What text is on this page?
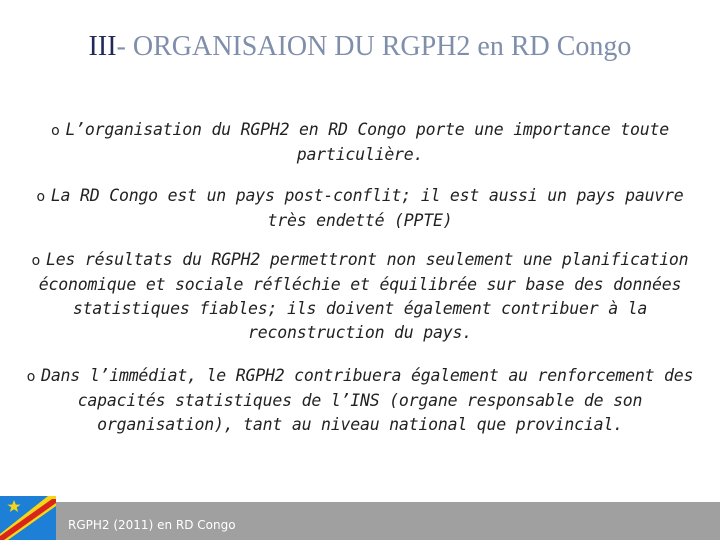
III- ORGANISAION DU RGPH2 en RD Congo
o L’organisation du RGPH2 en RD Congo porte une importance toute particulière.
o La RD Congo est un pays post-conflit; il est aussi un pays pauvre très endetté (PPTE)
o Les résultats du RGPH2 permettront non seulement une planification économique et sociale réfléchie et équilibrée sur base des données statistiques fiables; ils doivent également contribuer à la reconstruction du pays.
o Dans l’immédiat, le RGPH2 contribuera également au renforcement des capacités statistiques de l’INS (organe responsable de son organisation), tant au niveau national que provincial.
RGPH2 (2011) en RD Congo
